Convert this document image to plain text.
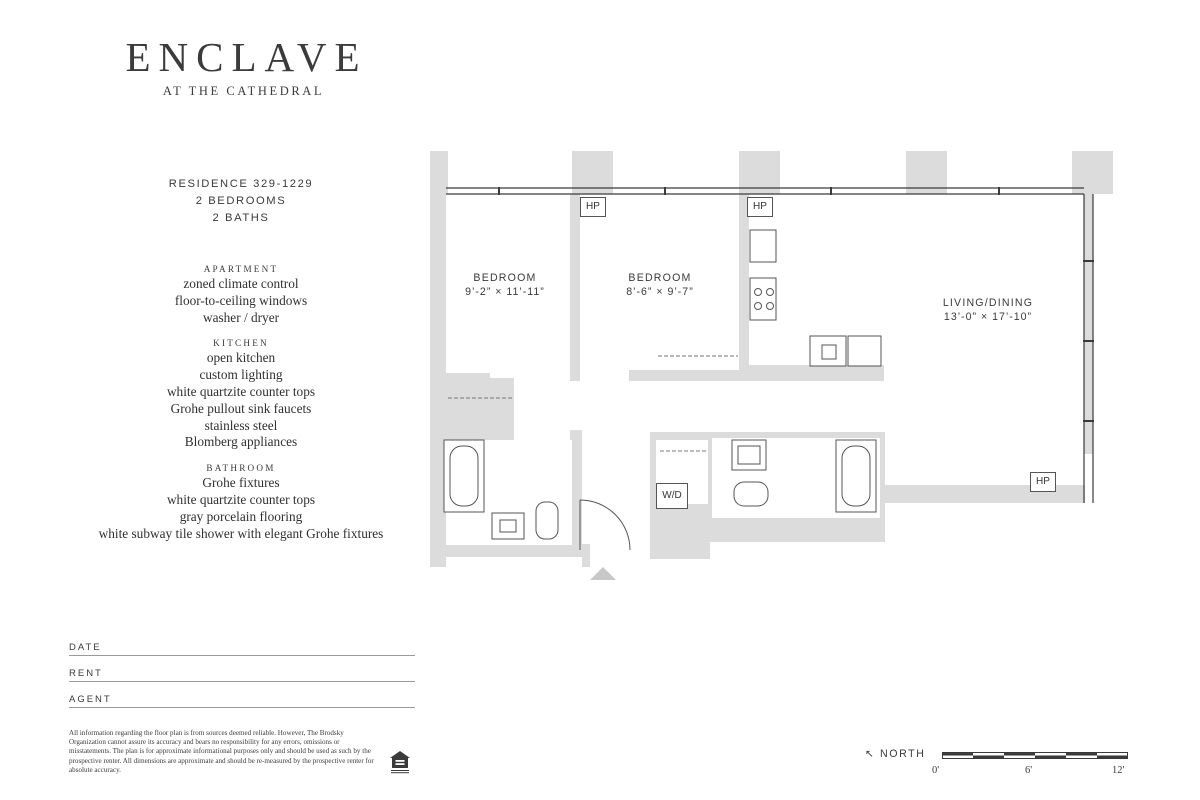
ENCLAVE
AT THE CATHEDRAL
RESIDENCE 329-1229
2 BEDROOMS
2 BATHS
APARTMENT
zoned climate control
floor-to-ceiling windows
washer / dryer
KITCHEN
open kitchen
custom lighting
white quartzite counter tops
Grohe pullout sink faucets
stainless steel
Blomberg appliances
BATHROOM
Grohe fixtures
white quartzite counter tops
gray porcelain flooring
white subway tile shower with elegant Grohe fixtures
DATE
RENT
AGENT
All information regarding the floor plan is from sources deemed reliable. However, The Brodsky Organization cannot assure its accuracy and bears no responsibility for any errors, omissions or misstatements. The plan is for approximate informational purposes only and should be used as such by the prospective renter. All dimensions are approximate and should be re-measured by the prospective renter for absolute accuracy.
HP	HP
HP
W/D
BEDROOM
9’-2” × 11’-11”
BEDROOM
8’-6” × 9’-7”
LIVING/DINING
13’-0” × 17’-10”
↖ NORTH
0'	6'	12'
